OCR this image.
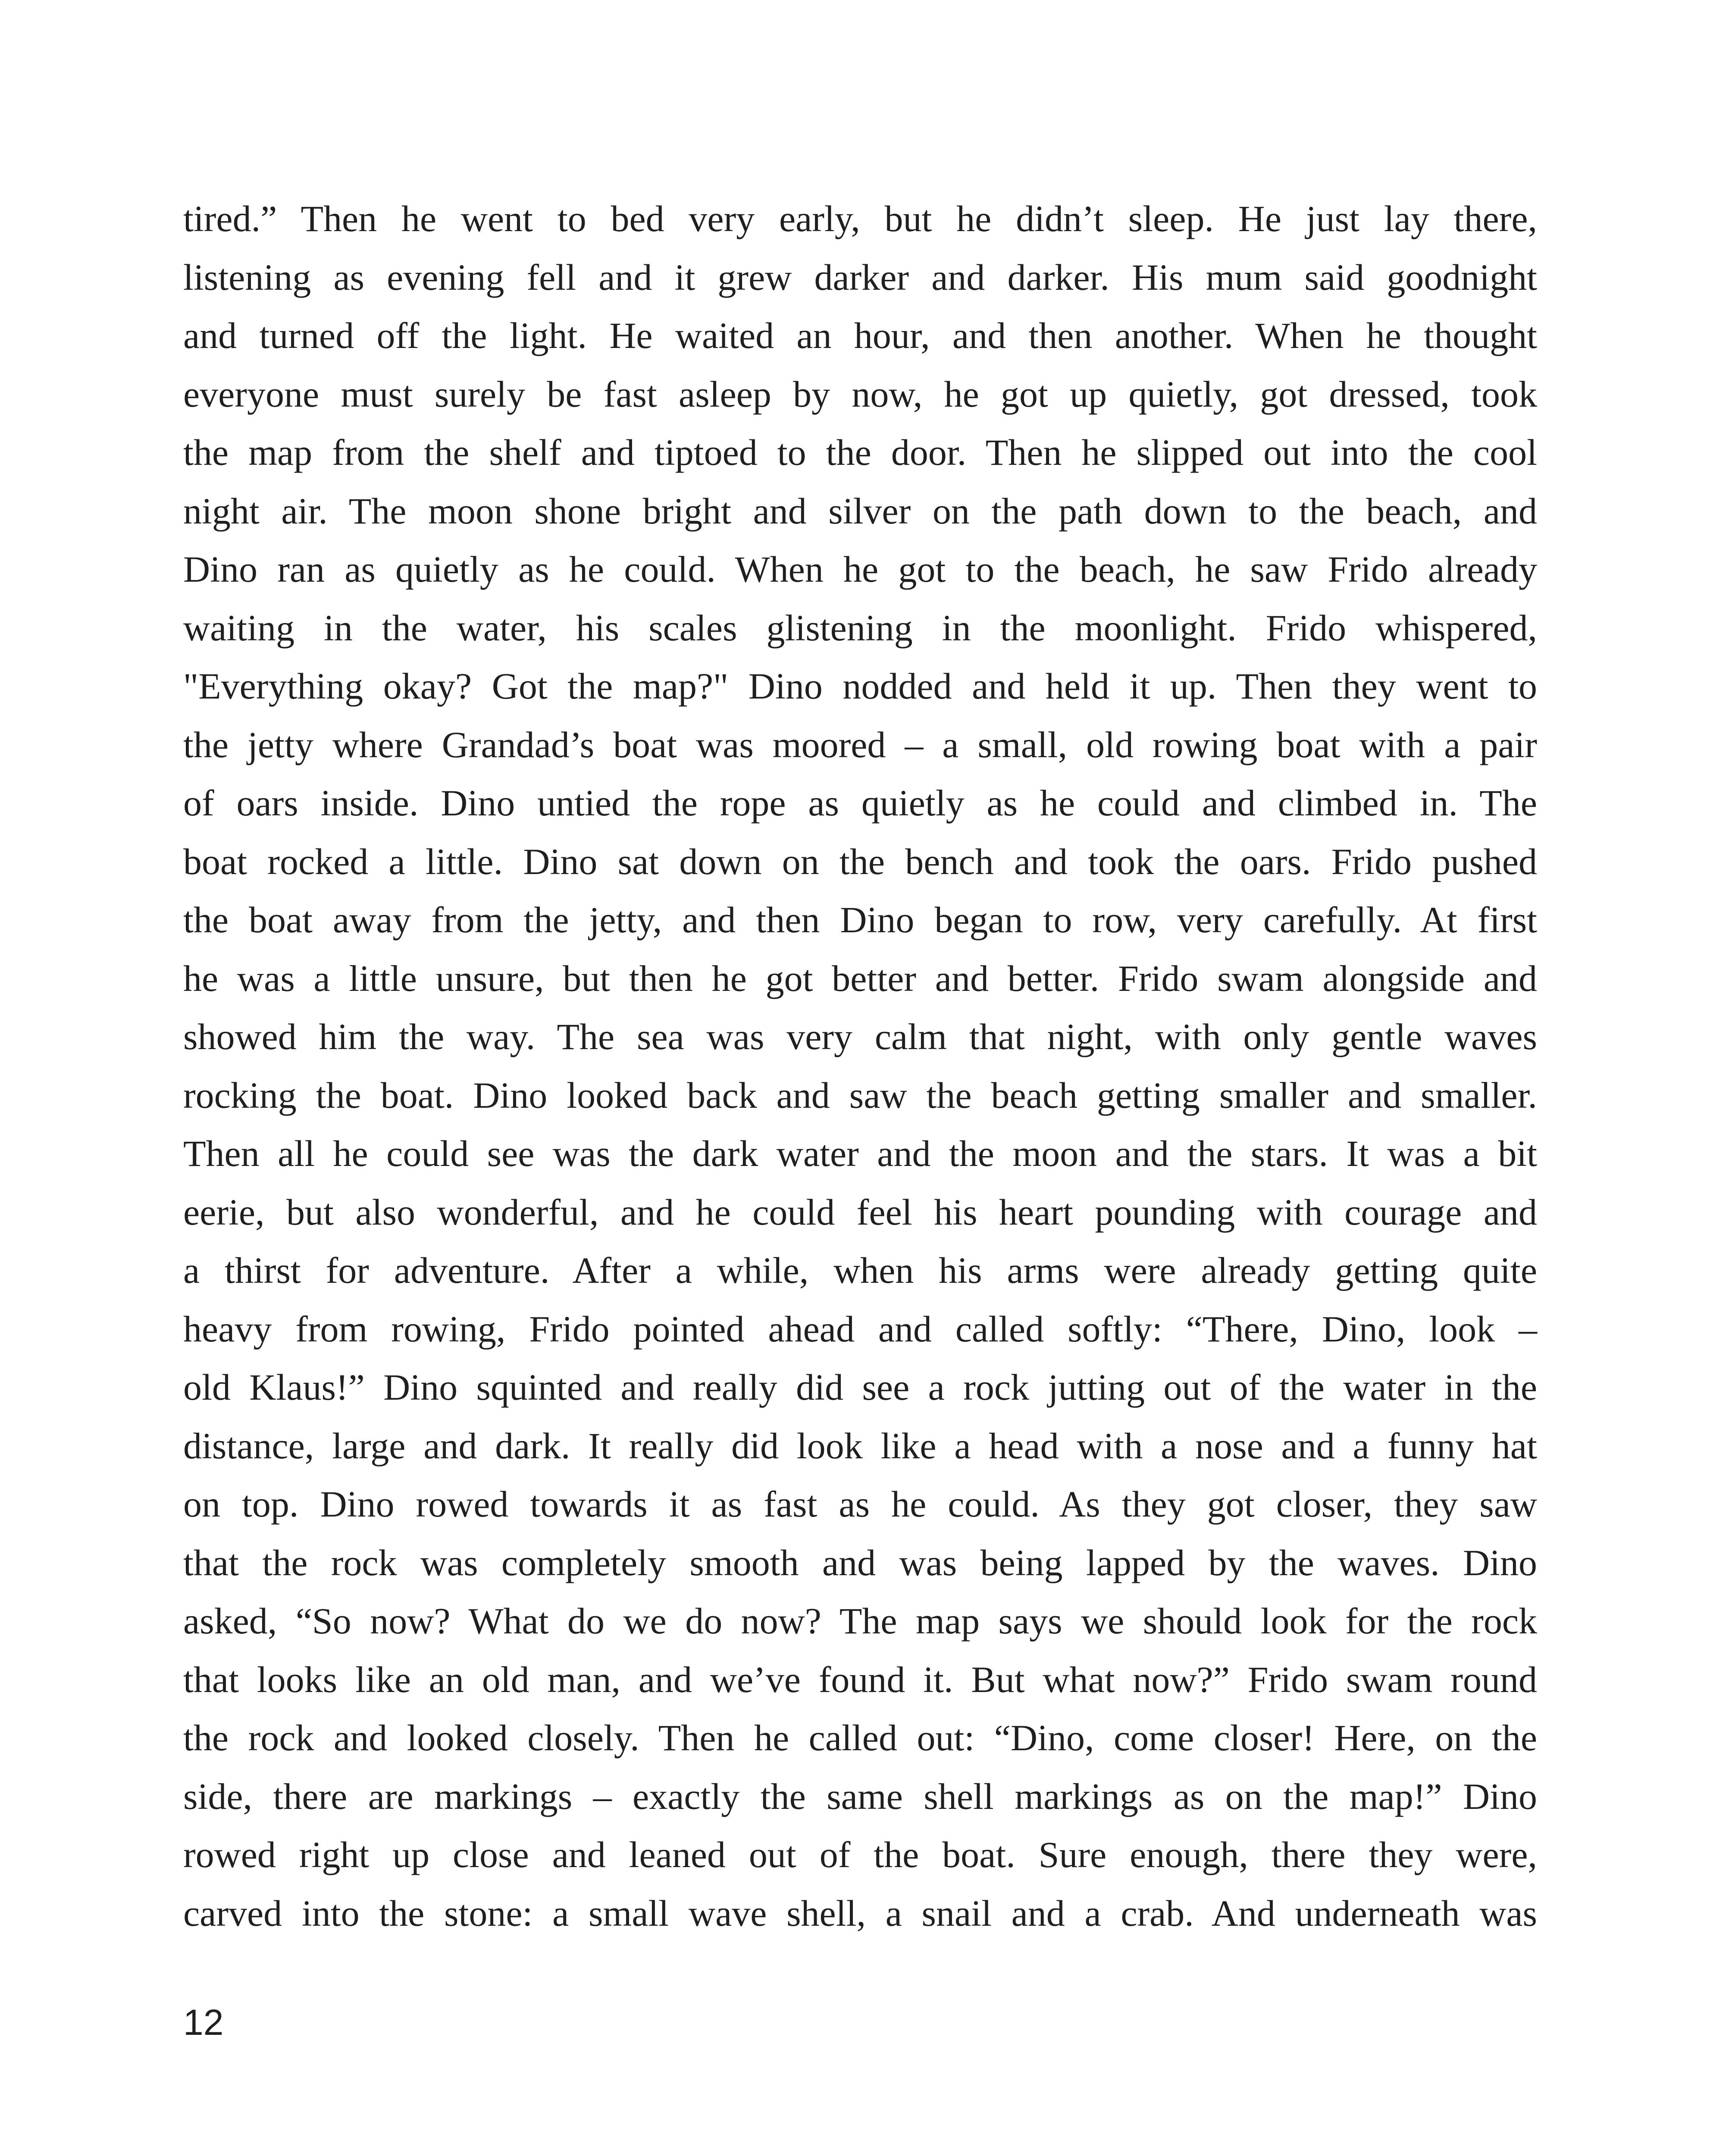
tired.” Then he went to bed very early, but he didn’t sleep. He just lay there,
listening as evening fell and it grew darker and darker. His mum said goodnight
and turned off the light. He waited an hour, and then another. When he thought
everyone must surely be fast asleep by now, he got up quietly, got dressed, took
the map from the shelf and tiptoed to the door. Then he slipped out into the cool
night air. The moon shone bright and silver on the path down to the beach, and
Dino ran as quietly as he could. When he got to the beach, he saw Frido already
waiting in the water, his scales glistening in the moonlight. Frido whispered,
"Everything okay? Got the map?" Dino nodded and held it up. Then they went to
the jetty where Grandad’s boat was moored – a small, old rowing boat with a pair
of oars inside. Dino untied the rope as quietly as he could and climbed in. The
boat rocked a little. Dino sat down on the bench and took the oars. Frido pushed
the boat away from the jetty, and then Dino began to row, very carefully. At first
he was a little unsure, but then he got better and better. Frido swam alongside and
showed him the way. The sea was very calm that night, with only gentle waves
rocking the boat. Dino looked back and saw the beach getting smaller and smaller.
Then all he could see was the dark water and the moon and the stars. It was a bit
eerie, but also wonderful, and he could feel his heart pounding with courage and
a thirst for adventure. After a while, when his arms were already getting quite
heavy from rowing, Frido pointed ahead and called softly: “There, Dino, look –
old Klaus!” Dino squinted and really did see a rock jutting out of the water in the
distance, large and dark. It really did look like a head with a nose and a funny hat
on top. Dino rowed towards it as fast as he could. As they got closer, they saw
that the rock was completely smooth and was being lapped by the waves. Dino
asked, “So now? What do we do now? The map says we should look for the rock
that looks like an old man, and we’ve found it. But what now?” Frido swam round
the rock and looked closely. Then he called out: “Dino, come closer! Here, on the
side, there are markings – exactly the same shell markings as on the map!” Dino
rowed right up close and leaned out of the boat. Sure enough, there they were,
carved into the stone: a small wave shell, a snail and a crab. And underneath was
12
